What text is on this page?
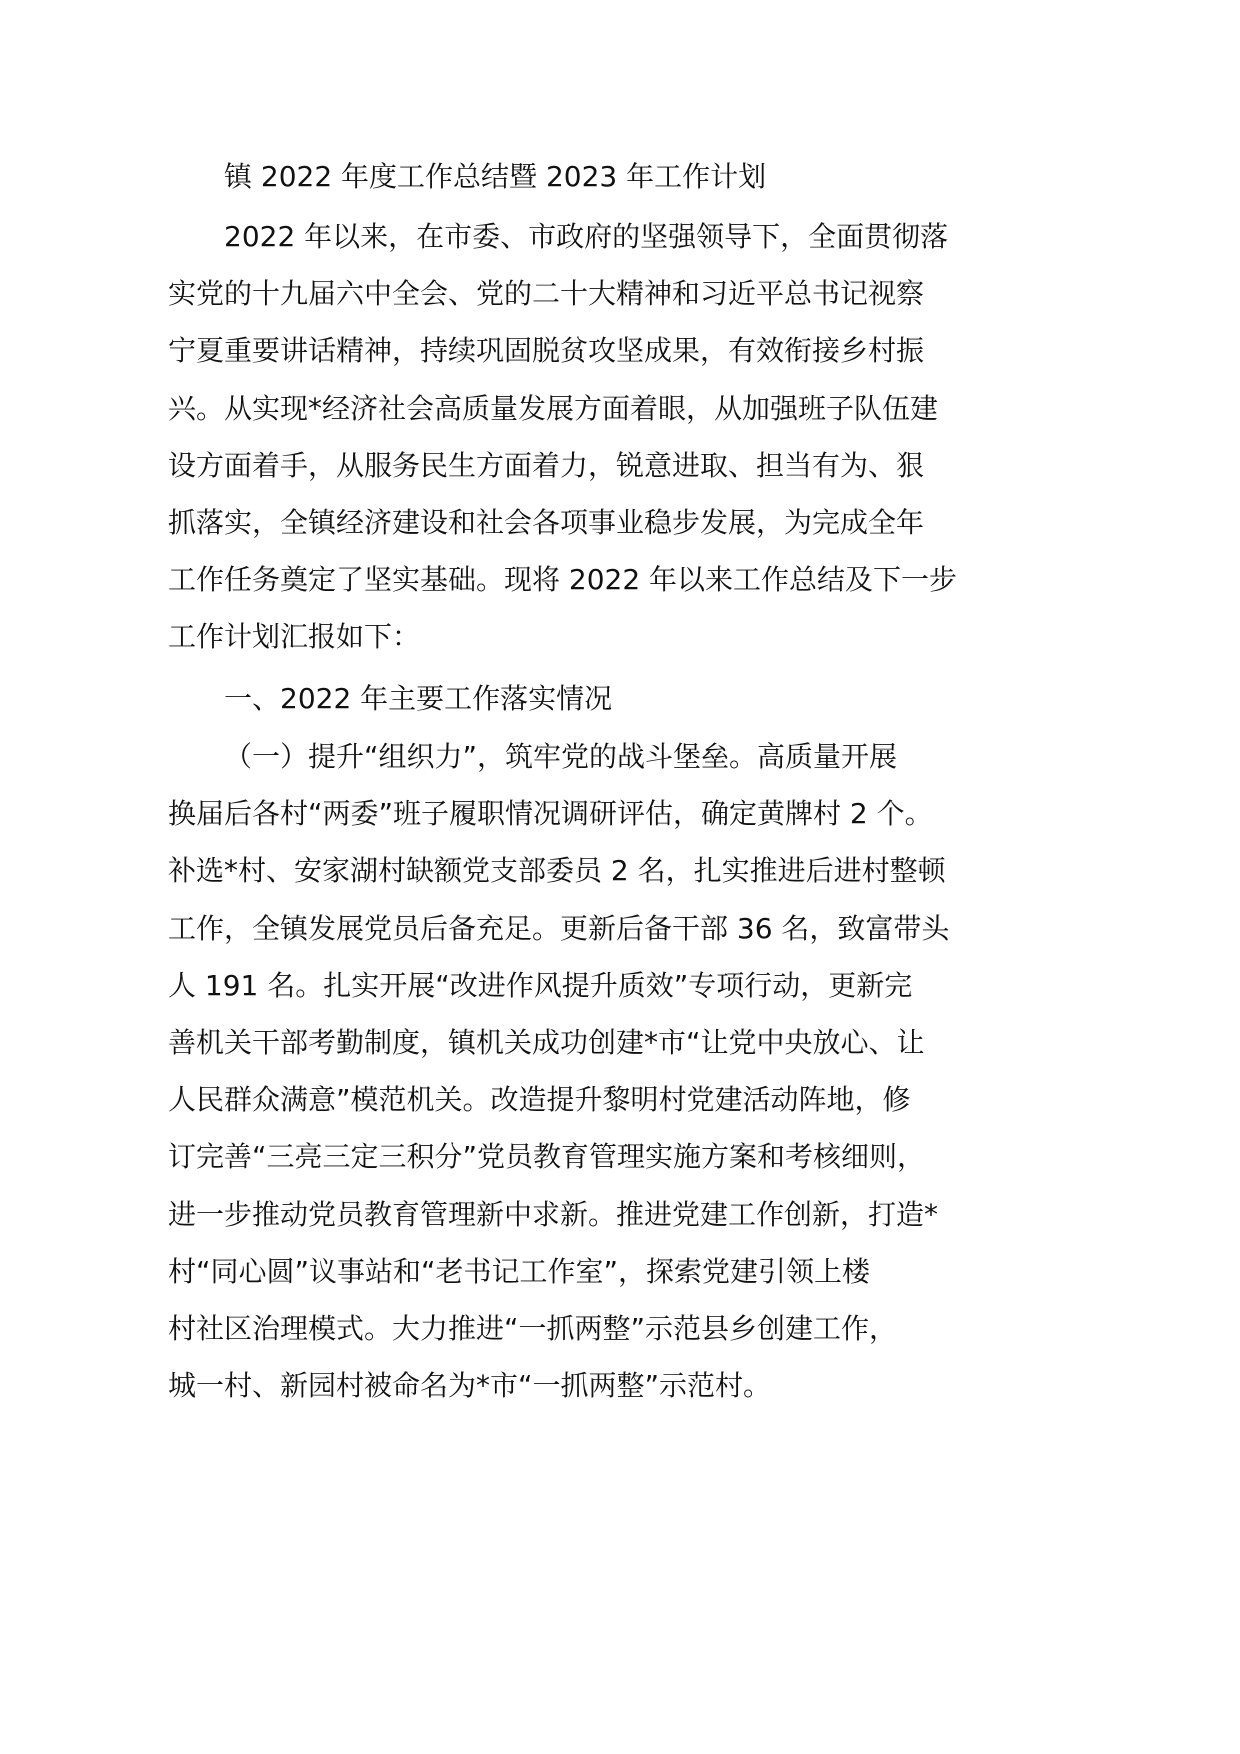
镇 2022 年度工作总结暨 2023 年工作计划
2022 年以来，在市委、市政府的坚强领导下，全面贯彻落
实党的十九届六中全会、党的二十大精神和习近平总书记视察
宁夏重要讲话精神，持续巩固脱贫攻坚成果，有效衔接乡村振
兴。从实现*经济社会高质量发展方面着眼，从加强班子队伍建
设方面着手，从服务民生方面着力，锐意进取、担当有为、狠
抓落实，全镇经济建设和社会各项事业稳步发展，为完成全年
工作任务奠定了坚实基础。现将 2022 年以来工作总结及下一步
工作计划汇报如下：
一、2022 年主要工作落实情况
（一）提升“组织力”，筑牢党的战斗堡垒。高质量开展
换届后各村“两委”班子履职情况调研评估，确定黄牌村 2 个。
补选*村、安家湖村缺额党支部委员 2 名，扎实推进后进村整顿
工作，全镇发展党员后备充足。更新后备干部 36 名，致富带头
人 191 名。扎实开展“改进作风提升质效”专项行动，更新完
善机关干部考勤制度，镇机关成功创建*市“让党中央放心、让
人民群众满意”模范机关。改造提升黎明村党建活动阵地，修
订完善“三亮三定三积分”党员教育管理实施方案和考核细则，
进一步推动党员教育管理新中求新。推进党建工作创新，打造*
村“同心圆”议事站和“老书记工作室”，探索党建引领上楼
村社区治理模式。大力推进“一抓两整”示范县乡创建工作，
城一村、新园村被命名为*市“一抓两整”示范村。
